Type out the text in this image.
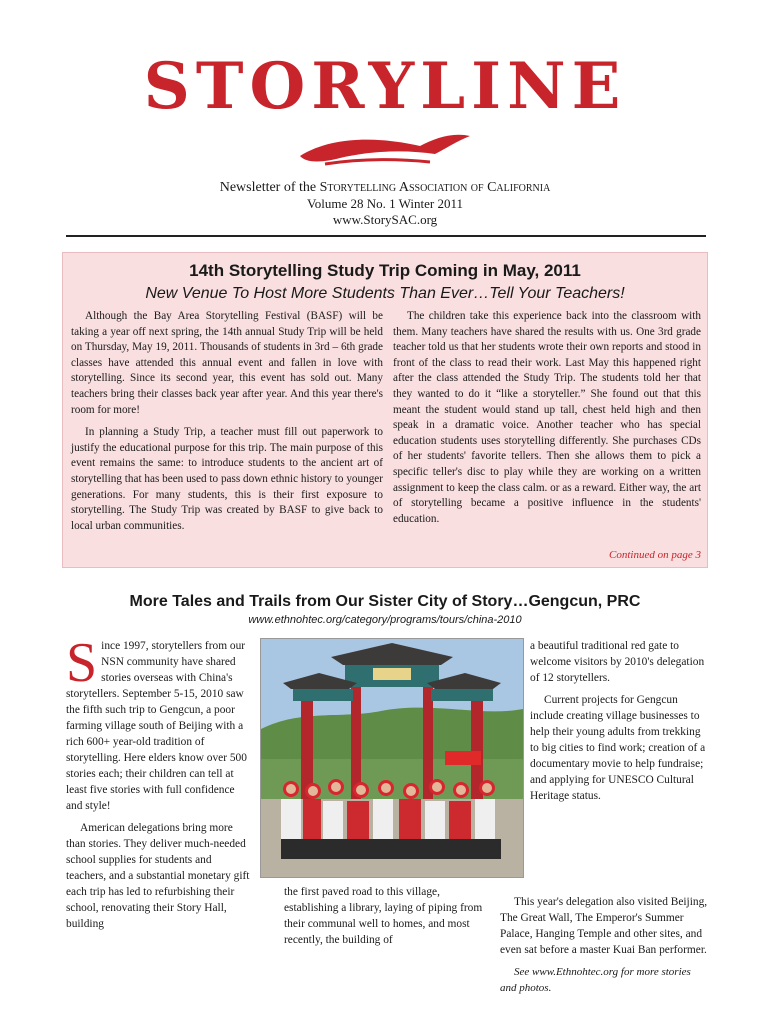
STORYLINE
Newsletter of the Storytelling Association of California
Volume 28 No. 1 Winter 2011
www.StorySAC.org
14th Storytelling Study Trip Coming in May, 2011
New Venue To Host More Students Than Ever…Tell Your Teachers!

Although the Bay Area Storytelling Festival (BASF) will be taking a year off next spring, the 14th annual Study Trip will be held on Thursday, May 19, 2011. Thousands of students in 3rd – 6th grade classes have attended this annual event and fallen in love with storytelling. Since its second year, this event has sold out. Many teachers bring their classes back year after year. And this year there's room for more!

In planning a Study Trip, a teacher must fill out paperwork to justify the educational purpose for this trip. The main purpose of this event remains the same: to introduce students to the ancient art of storytelling that has been used to pass down ethnic history to younger generations. For many students, this is their first exposure to storytelling. The Study Trip was created by BASF to give back to local urban communities.

The children take this experience back into the classroom with them. Many teachers have shared the results with us. One 3rd grade teacher told us that her students wrote their own reports and stood in front of the class to read their work. Last May this happened right after the class attended the Study Trip. The students told her that they wanted to do it “like a storyteller.” She found out that this meant the student would stand up tall, chest held high and then speak in a dramatic voice. Another teacher who has special education students uses storytelling differently. She purchases CDs of her students' favorite tellers. Then she allows them to pick a specific teller's disc to play while they are working on a written assignment to keep the class calm. or as a reward. Either way, the art of storytelling became a positive influence in the students' education.

Continued on page 3
More Tales and Trails from Our Sister City of Story…Gengcun, PRC
www.ethnohtec.org/category/programs/tours/china-2010

Since 1997, storytellers from our NSN community have shared stories overseas with China's storytellers. September 5-15, 2010 saw the fifth such trip to Gengcun, a poor farming village south of Beijing with a rich 600+ year-old tradition of storytelling. Here elders know over 500 stories each; their children can tell at least five stories with full confidence and style!

American delegations bring more than stories. They deliver much-needed school supplies for students and teachers, and a substantial monetary gift each trip has led to refurbishing their school, renovating their Story Hall, building

the first paved road to this village, establishing a library, laying of piping from their communal well to homes, and most recently, the building of

a beautiful traditional red gate to welcome visitors by 2010's delegation of 12 storytellers.

Current projects for Gengcun include creating village businesses to help their young adults from trekking to big cities to find work; creation of a documentary movie to help fundraise; and applying for UNESCO Cultural Heritage status.

This year's delegation also visited Beijing, The Great Wall, The Emperor's Summer Palace, Hanging Temple and other sites, and even sat before a master Kuai Ban performer.

See www.Ethnohtec.org for more stories and photos.
